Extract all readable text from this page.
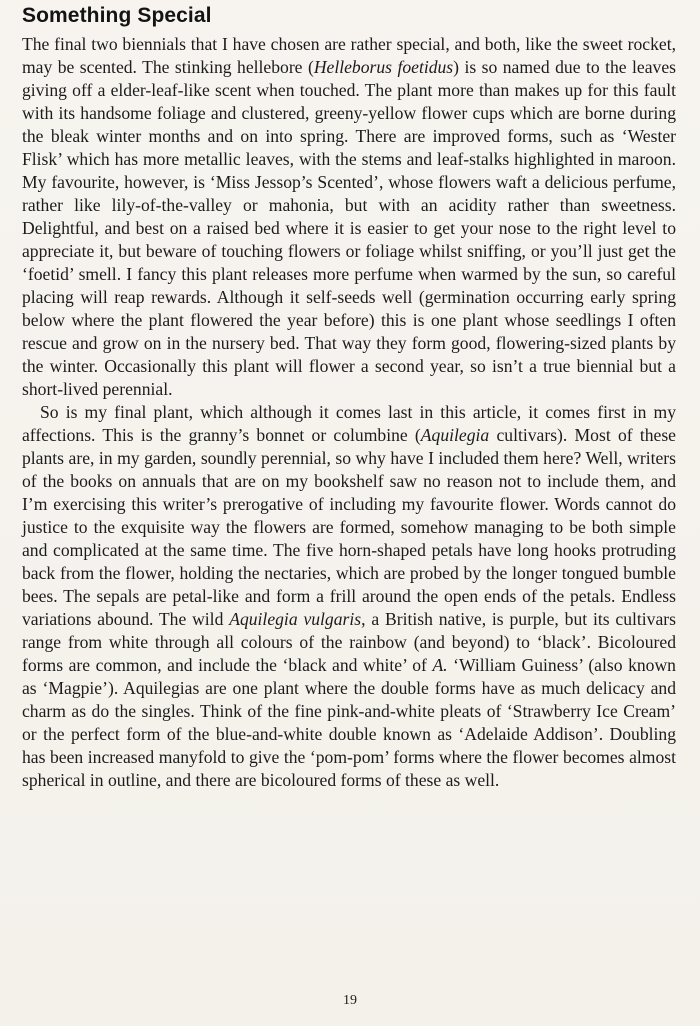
Something Special

The final two biennials that I have chosen are rather special, and both, like the sweet rocket, may be scented. The stinking hellebore (Helleborus foetidus) is so named due to the leaves giving off a elder-leaf-like scent when touched. The plant more than makes up for this fault with its handsome foliage and clustered, greeny-yellow flower cups which are borne during the bleak winter months and on into spring. There are improved forms, such as ‘Wester Flisk’ which has more metallic leaves, with the stems and leaf-stalks highlighted in maroon. My favourite, however, is ‘Miss Jessop’s Scented’, whose flowers waft a delicious perfume, rather like lily-of-the-valley or mahonia, but with an acidity rather than sweetness. Delightful, and best on a raised bed where it is easier to get your nose to the right level to appreciate it, but beware of touching flowers or foliage whilst sniffing, or you’ll just get the ‘foetid’ smell. I fancy this plant releases more perfume when warmed by the sun, so careful placing will reap rewards. Although it self-seeds well (germination occurring early spring below where the plant flowered the year before) this is one plant whose seedlings I often rescue and grow on in the nursery bed. That way they form good, flowering-sized plants by the winter. Occasionally this plant will flower a second year, so isn’t a true biennial but a short-lived perennial.

So is my final plant, which although it comes last in this article, it comes first in my affections. This is the granny’s bonnet or columbine (Aquilegia cultivars). Most of these plants are, in my garden, soundly perennial, so why have I included them here? Well, writers of the books on annuals that are on my bookshelf saw no reason not to include them, and I’m exercising this writer’s prerogative of including my favourite flower. Words cannot do justice to the exquisite way the flowers are formed, somehow managing to be both simple and complicated at the same time. The five horn-shaped petals have long hooks protruding back from the flower, holding the nectaries, which are probed by the longer tongued bumble bees. The sepals are petal-like and form a frill around the open ends of the petals. Endless variations abound. The wild Aquilegia vulgaris, a British native, is purple, but its cultivars range from white through all colours of the rainbow (and beyond) to ‘black’. Bicoloured forms are common, and include the ‘black and white’ of A. ‘William Guiness’ (also known as ‘Magpie’). Aquilegias are one plant where the double forms have as much delicacy and charm as do the singles. Think of the fine pink-and-white pleats of ‘Strawberry Ice Cream’ or the perfect form of the blue-and-white double known as ‘Adelaide Addison’. Doubling has been increased manyfold to give the ‘pom-pom’ forms where the flower becomes almost spherical in outline, and there are bicoloured forms of these as well.

19
